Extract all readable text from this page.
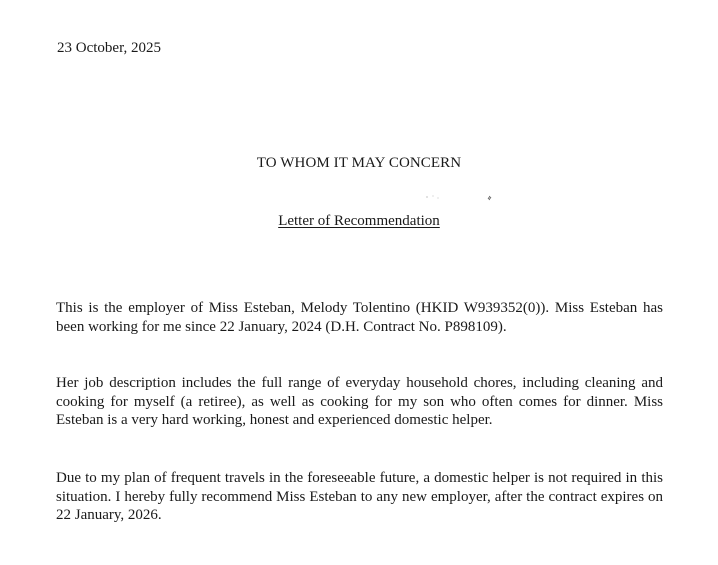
23 October, 2025
TO WHOM IT MAY CONCERN
Letter of Recommendation

This is the employer of Miss Esteban, Melody Tolentino (HKID W939352(0)). Miss Esteban has been working for me since 22 January, 2024 (D.H. Contract No. P898109).

Her job description includes the full range of everyday household chores, including cleaning and cooking for myself (a retiree), as well as cooking for my son who often comes for dinner. Miss Esteban is a very hard working, honest and experienced domestic helper.

Due to my plan of frequent travels in the foreseeable future, a domestic helper is not required in this situation. I hereby fully recommend Miss Esteban to any new employer, after the contract expires on 22 January, 2026.
